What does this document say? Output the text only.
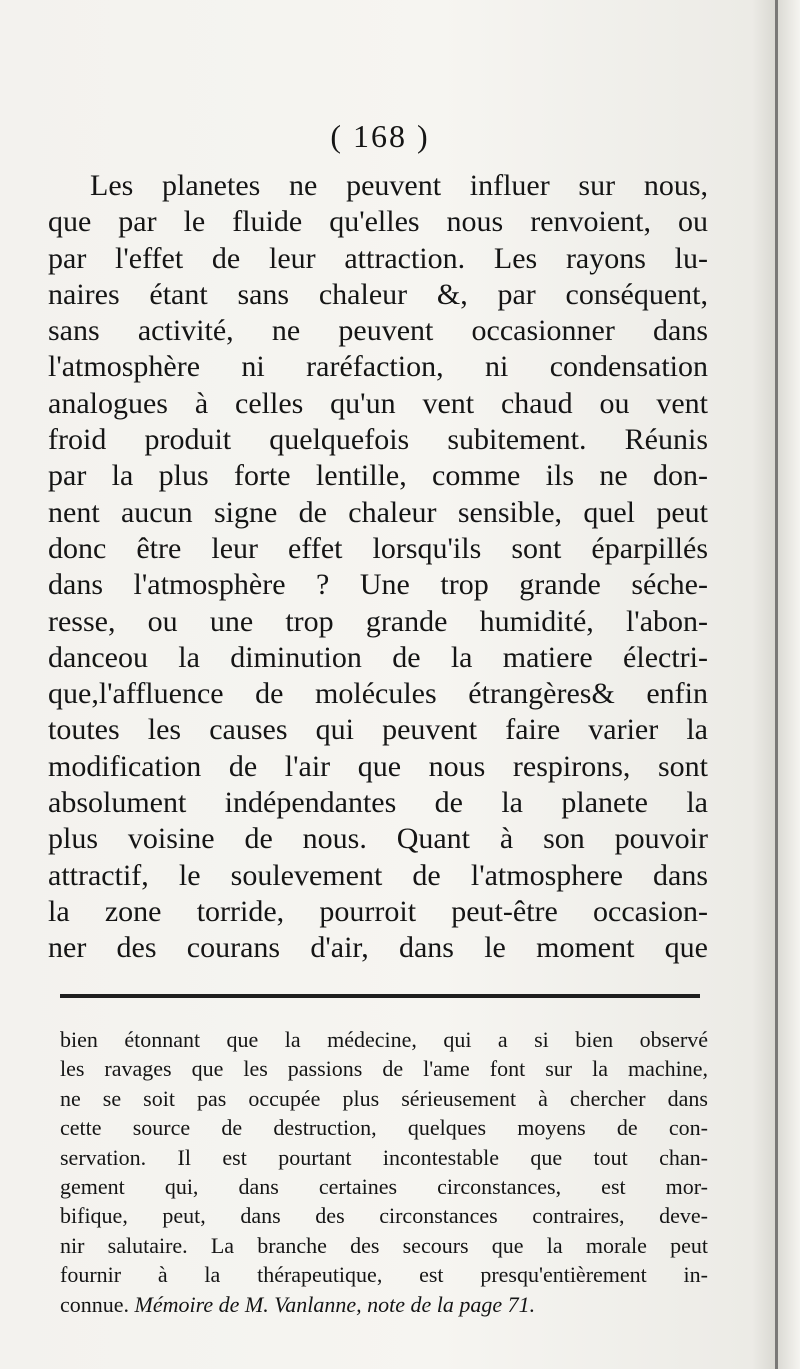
( 168 )
Les planetes ne peuvent influer sur nous,
que par le fluide qu'elles nous renvoient, ou
par l'effet de leur attraction. Les rayons lu-
naires étant sans chaleur &, par conséquent,
sans activité, ne peuvent occasionner dans
l'atmosphère ni raréfaction, ni condensation
analogues à celles qu'un vent chaud ou vent
froid produit quelquefois subitement. Réunis
par la plus forte lentille, comme ils ne don-
nent aucun signe de chaleur sensible, quel peut
donc être leur effet lorsqu'ils sont éparpillés
dans l'atmosphère ? Une trop grande séche-
resse, ou une trop grande humidité, l'abon-
danceou la diminution de la matiere électri-
que,l'affluence de molécules étrangères& enfin
toutes les causes qui peuvent faire varier la
modification de l'air que nous respirons, sont
absolument indépendantes de la planete la
plus voisine de nous. Quant à son pouvoir
attractif, le soulevement de l'atmosphere dans
la zone torride, pourroit peut-être occasion-
ner des courans d'air, dans le moment que
bien étonnant que la médecine, qui a si bien observé
les ravages que les passions de l'ame font sur la machine,
ne se soit pas occupée plus sérieusement à chercher dans
cette source de destruction, quelques moyens de con-
servation. Il est pourtant incontestable que tout chan-
gement qui, dans certaines circonstances, est mor-
bifique, peut, dans des circonstances contraires, deve-
nir salutaire. La branche des secours que la morale peut
fournir à la thérapeutique, est presqu'entièrement in-
connue. Mémoire de M. Vanlanne, note de la page 71.
